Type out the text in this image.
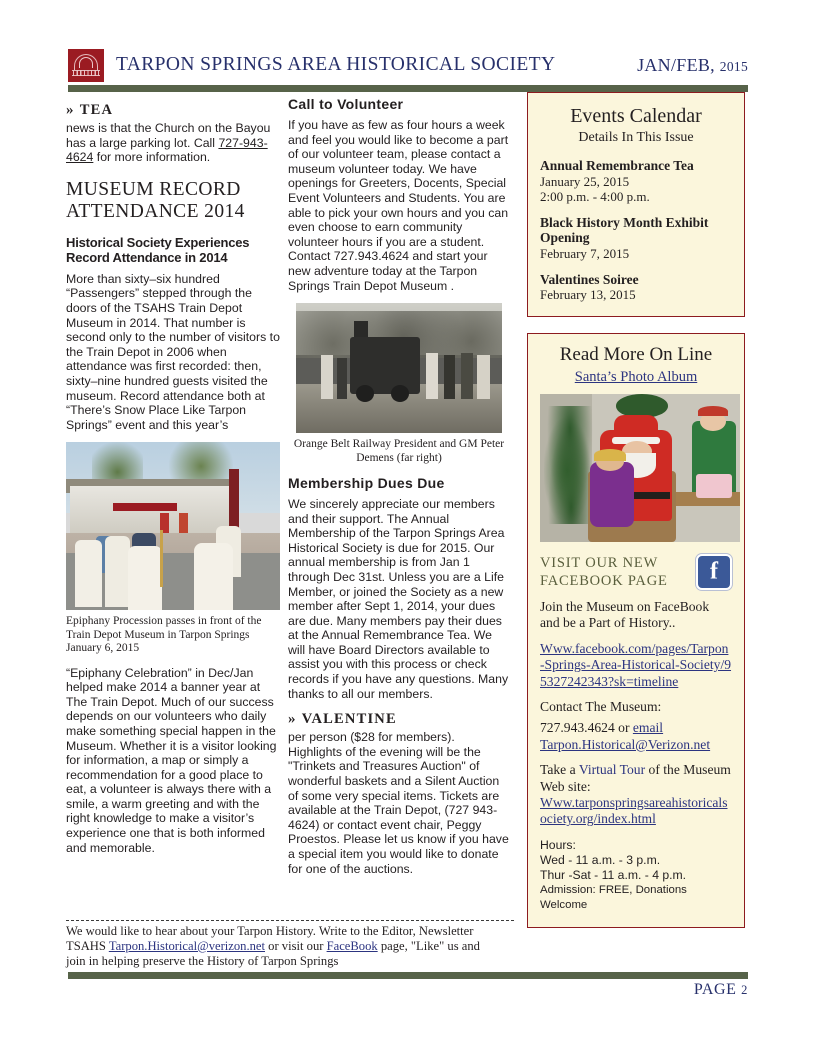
TARPON SPRINGS AREA HISTORICAL SOCIETY	JAN/FEB, 2015
» TEA

news is that the Church on the Bayou has a large parking lot. Call 727-943-4624 for more information.

MUSEUM RECORD ATTENDANCE 2014
Historical Society Experiences Record Attendance in 2014

More than sixty–six hundred “Passengers” stepped through the doors of the TSAHS Train Depot Museum in 2014. That number is second only to the number of visitors to the Train Depot in 2006 when attendance was first recorded: then, sixty–nine hundred guests visited the museum. Record attendance both at “There’s Snow Place Like Tarpon Springs” event and this year’s

Epiphany Procession passes in front of the Train Depot Museum in Tarpon Springs January 6, 2015

“Epiphany Celebration” in Dec/Jan helped make 2014 a banner year at The Train Depot. Much of our success depends on our volunteers who daily make something special happen in the Museum. Whether it is a visitor looking for information, a map or simply a recommendation for a good place to eat, a volunteer is always there with a smile, a warm greeting and with the right knowledge to make a visitor’s experience one that is both informed and memorable.

Call to Volunteer

If you have as few as four hours a week and feel you would like to become a part of our volunteer team, please contact a museum volunteer today. We have openings for Greeters, Docents, Special Event Volunteers and Students. You are able to pick your own hours and you can even choose to earn community volunteer hours if you are a student. Contact 727.943.4624 and start your new adventure today at the Tarpon Springs Train Depot Museum .

Orange Belt Railway President and GM Peter Demens (far right)

Membership Dues Due

We sincerely appreciate our members and their support. The Annual Membership of the Tarpon Springs Area Historical Society is due for 2015. Our annual membership is from Jan 1 through Dec 31st. Unless you are a Life Member, or joined the Society as a new member after Sept 1, 2014, your dues are due. Many members pay their dues at the Annual Remembrance Tea. We will have Board Directors available to assist you with this process or check records if you have any questions. Many thanks to all our members.

» VALENTINE

per person ($28 for members). Highlights of the evening will be the "Trinkets and Treasures Auction" of wonderful baskets and a Silent Auction of some very special items. Tickets are available at the Train Depot, (727 943-4624) or contact event chair, Peggy Proestos. Please let us know if you have a special item you would like to donate for one of the auctions.

Events Calendar
Details In This Issue

Annual Remembrance Tea

January 25, 2015

2:00 p.m. - 4:00 p.m.

Black History Month Exhibit Opening

February 7, 2015

Valentines Soiree

February 13, 2015

Read More On Line
Santa’s Photo Album
VISIT OUR NEW
FACEBOOK PAGE
f

Join the Museum on FaceBook and be a Part of History..

Www.facebook.com/pages/Tarpon-Springs-Area-Historical-Society/95327242343?sk=timeline

Contact The Museum:

727.943.4624 or email

Tarpon.Historical@Verizon.net

Take a Virtual Tour of the Museum Web site:

Www.tarponspringsareahistoricalsociety.org/index.html

Hours:

Wed - 11 a.m. - 3 p.m.

Thur -Sat - 11 a.m. - 4 p.m.

Admission: FREE, Donations Welcome

We would like to hear about your Tarpon History. Write to the Editor, Newsletter

TSAHS Tarpon.Historical@verizon.net or visit our FaceBook page, "Like" us and

join in helping preserve the History of Tarpon Springs

PAGE 2
